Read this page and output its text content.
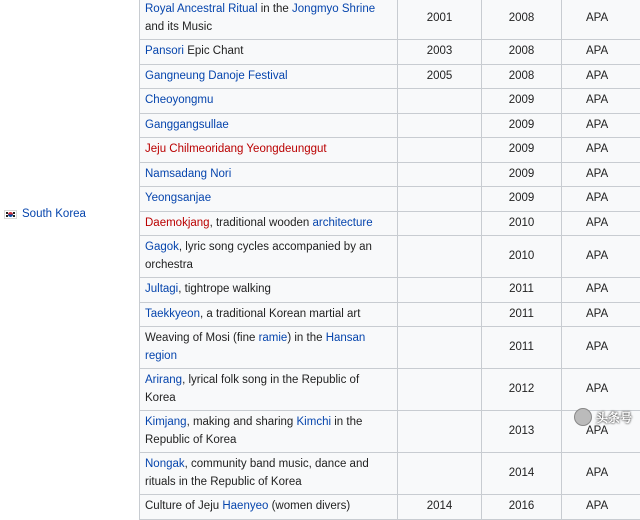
South Korea
Royal Ancestral Ritual in the Jongmyo Shrine and its Music	2001	2008	APA
Pansori Epic Chant	2003	2008	APA
Gangneung Danoje Festival	2005	2008	APA
Cheoyongmu		2009	APA
Ganggangsullae		2009	APA
Jeju Chilmeoridang Yeongdeunggut		2009	APA
Namsadang Nori		2009	APA
Yeongsanjae		2009	APA
Daemokjang, traditional wooden architecture		2010	APA
Gagok, lyric song cycles accompanied by an orchestra		2010	APA
Jultagi, tightrope walking		2011	APA
Taekkyeon, a traditional Korean martial art		2011	APA
Weaving of Mosi (fine ramie) in the Hansan region		2011	APA
Arirang, lyrical folk song in the Republic of Korea		2012	APA
Kimjang, making and sharing Kimchi in the Republic of Korea		2013	APA
Nongak, community band music, dance and rituals in the Republic of Korea		2014	APA
Culture of Jeju Haenyeo (women divers)	2014	2016	APA
头条号
